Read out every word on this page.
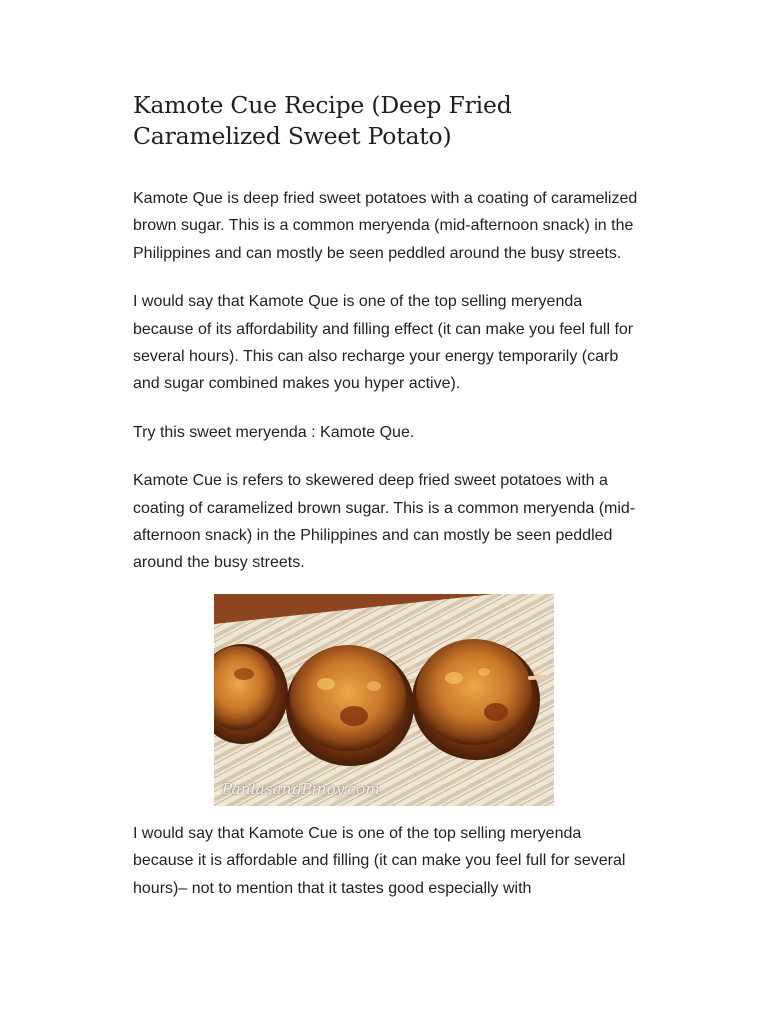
Kamote Cue Recipe (Deep Fried Caramelized Sweet Potato)

Kamote Que is deep fried sweet potatoes with a coating of caramelized brown sugar. This is a common meryenda (mid-afternoon snack) in the Philippines and can mostly be seen peddled around the busy streets.

I would say that Kamote Que is one of the top selling meryenda because of its affordability and filling effect (it can make you feel full for several hours). This can also recharge your energy temporarily (carb and sugar combined makes you hyper active).

Try this sweet meryenda : Kamote Que.

Kamote Cue is refers to skewered deep fried sweet potatoes with a coating of caramelized brown sugar. This is a common meryenda (mid-afternoon snack) in the Philippines and can mostly be seen peddled around the busy streets.

PanlasangPinoy.com

I would say that Kamote Cue is one of the top selling meryenda because it is affordable and filling (it can make you feel full for several hours)– not to mention that it tastes good especially with
